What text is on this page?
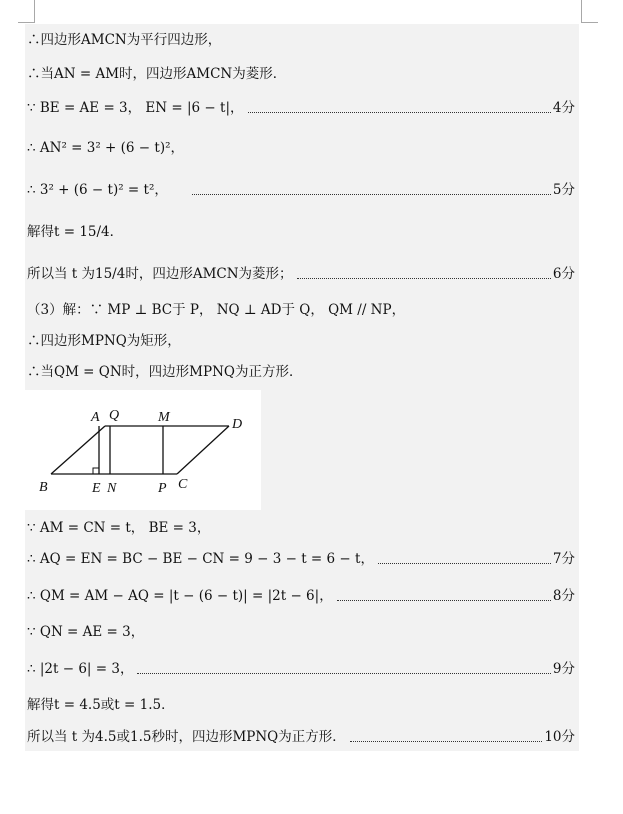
∴四边形AMCN为平行四边形，
∴当AN = AM时，四边形AMCN为菱形．
∵ BE = AE = 3， EN = |6 − t|，	4分
∴ AN² = 3² + (6 − t)²，
∴ 3² + (6 − t)² = t²，	5分
解得t = 15/4．
所以当 t 为15/4时，四边形AMCN为菱形；	6分
（3）解：∵ MP ⊥ BC于 P， NQ ⊥ AD于 Q， QM // NP，
∴四边形MPNQ为矩形，
∴当QM = QN时，四边形MPNQ为正方形．
A Q	M	D
B	E N	P C
∵ AM = CN = t， BE = 3，
∴ AQ = EN = BC − BE − CN = 9 − 3 − t = 6 − t，	7分
∴ QM = AM − AQ = |t − (6 − t)| = |2t − 6|，	8分
∵ QN = AE = 3，
∴ |2t − 6| = 3，	9分
解得t = 4.5或t = 1.5．
所以当 t 为4.5或1.5秒时，四边形MPNQ为正方形．	10分
